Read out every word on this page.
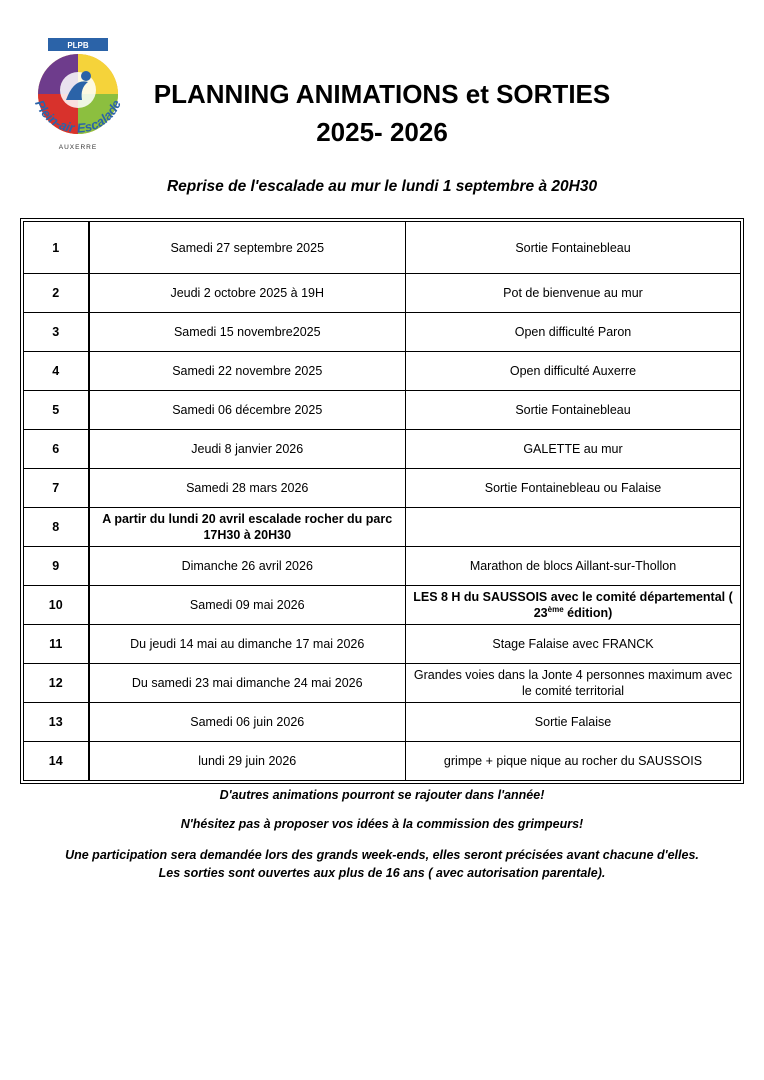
PLPB
Plein-air Escalade
AUXERRE
PLANNING ANIMATIONS et SORTIES
2025- 2026
Reprise de l'escalade au mur le lundi 1 septembre à 20H30
1	Samedi 27 septembre 2025	Sortie Fontainebleau
2	Jeudi 2 octobre 2025 à 19H	Pot de bienvenue au mur
3	Samedi 15 novembre2025	Open difficulté Paron
4	Samedi 22 novembre 2025	Open difficulté Auxerre
5	Samedi 06 décembre 2025	Sortie Fontainebleau
6	Jeudi 8 janvier 2026	GALETTE au mur
7	Samedi 28 mars 2026	Sortie Fontainebleau ou Falaise
8	A partir du lundi 20 avril escalade rocher du parc
17H30 à 20H30	

9	Dimanche 26 avril 2026	Marathon de blocs Aillant-sur-Thollon
10	Samedi 09 mai 2026	LES 8 H du SAUSSOIS avec le comité départemental (
23ème édition)

11	Du jeudi 14 mai au dimanche 17 mai 2026	Stage Falaise avec FRANCK
12	Du samedi 23 mai dimanche 24 mai 2026	Grandes voies dans la Jonte 4 personnes maximum avec
le comité territorial

13	Samedi 06 juin 2026	Sortie Falaise
14	lundi 29 juin 2026	grimpe + pique nique au rocher du SAUSSOIS
D'autres animations pourront se rajouter dans l'année!
N'hésitez pas à proposer vos idées à la commission des grimpeurs!
Une participation sera demandée lors des grands week-ends, elles seront précisées avant chacune d'elles.
Les sorties sont ouvertes aux plus de 16 ans ( avec autorisation parentale).
